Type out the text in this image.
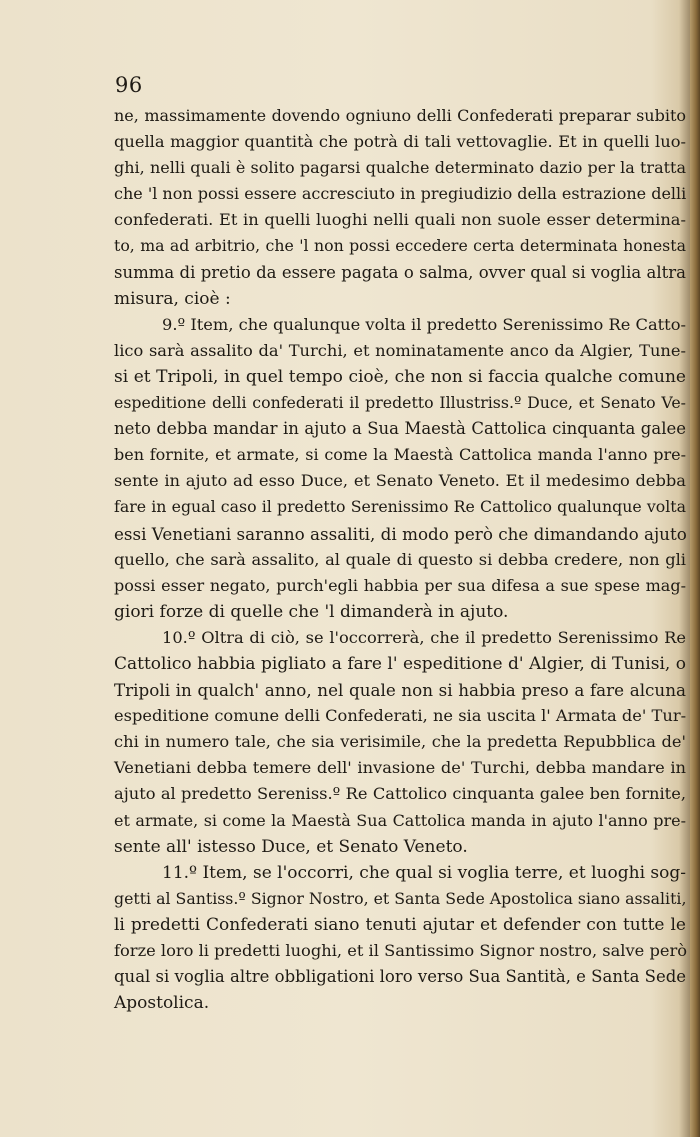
96
ne, massimamente dovendo ogniuno delli Confederati preparar subito
quella maggior quantità che potrà di tali vettovaglie. Et in quelli luo-
ghi, nelli quali è solito pagarsi qualche determinato dazio per la tratta
che 'l non possi essere accresciuto in pregiudizio della estrazione delli
confederati. Et in quelli luoghi nelli quali non suole esser determina-
to, ma ad arbitrio, che 'l non possi eccedere certa determinata honesta
summa di pretio da essere pagata o salma, ovver qual si voglia altra
misura, cioè :
9.º Item, che qualunque volta il predetto Serenissimo Re Catto-
lico sarà assalito da' Turchi, et nominatamente anco da Algier, Tune-
si et Tripoli, in quel tempo cioè, che non si faccia qualche comune
espeditione delli confederati il predetto Illustriss.º Duce, et Senato Ve-
neto debba mandar in ajuto a Sua Maestà Cattolica cinquanta galee
ben fornite, et armate, si come la Maestà Cattolica manda l'anno pre-
sente in ajuto ad esso Duce, et Senato Veneto. Et il medesimo debba
fare in egual caso il predetto Serenissimo Re Cattolico qualunque volta
essi Venetiani saranno assaliti, di modo però che dimandando ajuto
quello, che sarà assalito, al quale di questo si debba credere, non gli
possi esser negato, purch'egli habbia per sua difesa a sue spese mag-
giori forze di quelle che 'l dimanderà in ajuto.
10.º Oltra di ciò, se l'occorrerà, che il predetto Serenissimo Re
Cattolico habbia pigliato a fare l' espeditione d' Algier, di Tunisi, o
Tripoli in qualch' anno, nel quale non si habbia preso a fare alcuna
espeditione comune delli Confederati, ne sia uscita l' Armata de' Tur-
chi in numero tale, che sia verisimile, che la predetta Repubblica de'
Venetiani debba temere dell' invasione de' Turchi, debba mandare in
ajuto al predetto Sereniss.º Re Cattolico cinquanta galee ben fornite,
et armate, si come la Maestà Sua Cattolica manda in ajuto l'anno pre-
sente all' istesso Duce, et Senato Veneto.
11.º Item, se l'occorri, che qual si voglia terre, et luoghi sog-
getti al Santiss.º Signor Nostro, et Santa Sede Apostolica siano assaliti,
li predetti Confederati siano tenuti ajutar et defender con tutte le
forze loro li predetti luoghi, et il Santissimo Signor nostro, salve però
qual si voglia altre obbligationi loro verso Sua Santità, e Santa Sede
Apostolica.
